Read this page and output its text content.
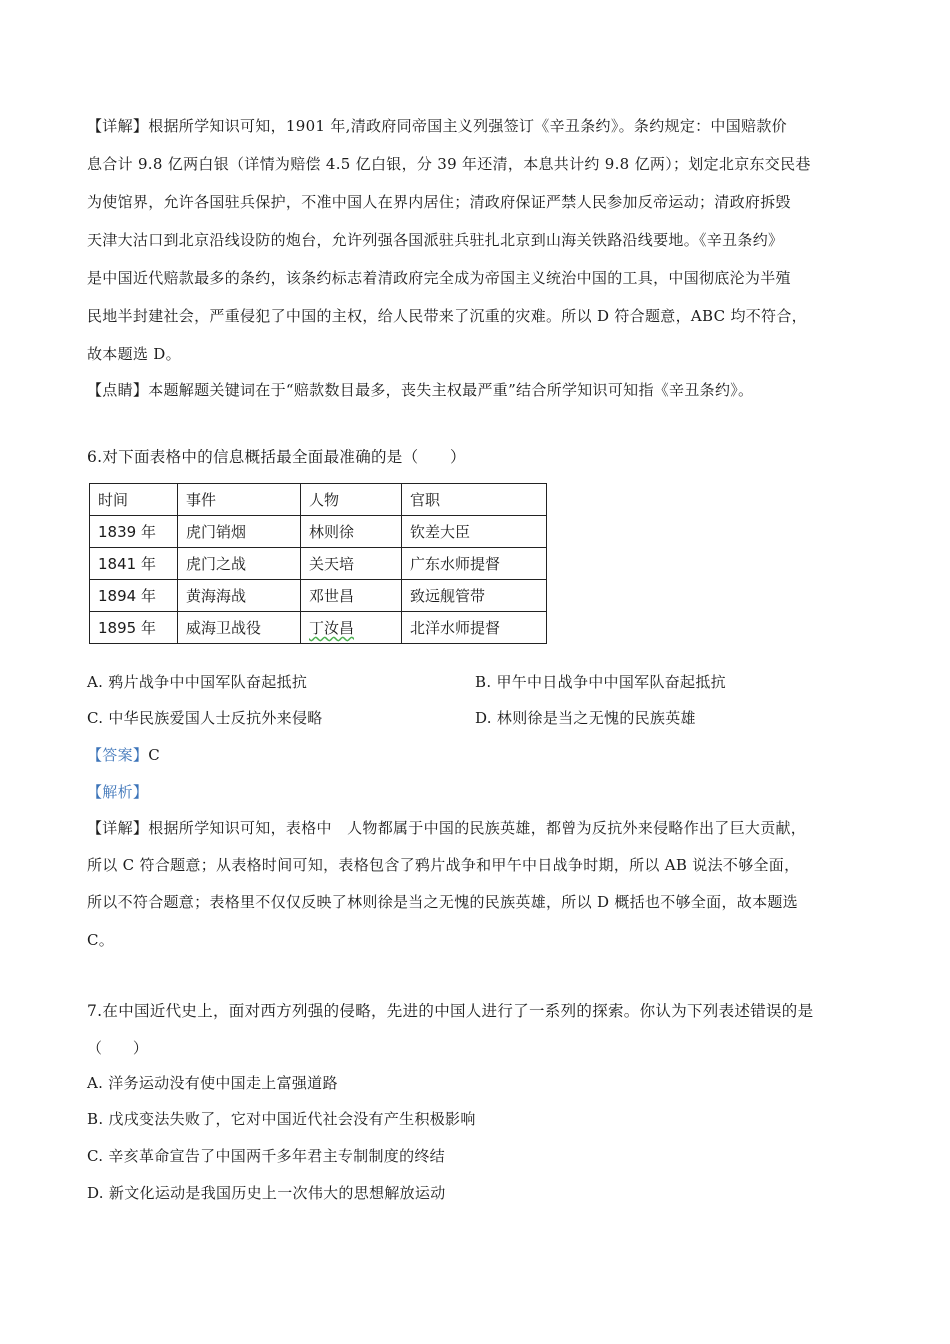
【详解】根据所学知识可知，1901 年,清政府同帝国主义列强签订《辛丑条约》。条约规定：中国赔款价
息合计 9.8 亿两白银（详情为赔偿 4.5 亿白银，分 39 年还清，本息共计约 9.8 亿两）；划定北京东交民巷
为使馆界，允许各国驻兵保护，不准中国人在界内居住；清政府保证严禁人民参加反帝运动；清政府拆毁
天津大沽口到北京沿线设防的炮台，允许列强各国派驻兵驻扎北京到山海关铁路沿线要地。《辛丑条约》
是中国近代赔款最多的条约，该条约标志着清政府完全成为帝国主义统治中国的工具，中国彻底沦为半殖
民地半封建社会，严重侵犯了中国的主权，给人民带来了沉重的灾难。所以 D 符合题意，ABC 均不符合，
故本题选 D。
【点睛】本题解题关键词在于“赔款数目最多，丧失主权最严重”结合所学知识可知指《辛丑条约》。
6.对下面表格中的信息概括最全面最准确的是（　　）
时间	事件	人物	官职
1839 年	虎门销烟	林则徐	钦差大臣
1841 年	虎门之战	关天培	广东水师提督
1894 年	黄海海战	邓世昌	致远舰管带
1895 年	威海卫战役	丁汝昌	北洋水师提督
A. 鸦片战争中中国军队奋起抵抗	B. 甲午中日战争中中国军队奋起抵抗
C. 中华民族爱国人士反抗外来侵略	D. 林则徐是当之无愧的民族英雄
【答案】C
【解析】
【详解】根据所学知识可知，表格中　人物都属于中国的民族英雄，都曾为反抗外来侵略作出了巨大贡献，
所以 C 符合题意；从表格时间可知，表格包含了鸦片战争和甲午中日战争时期，所以 AB 说法不够全面，
所以不符合题意；表格里不仅仅反映了林则徐是当之无愧的民族英雄，所以 D 概括也不够全面，故本题选
C。
7.在中国近代史上，面对西方列强的侵略，先进的中国人进行了一系列的探索。你认为下列表述错误的是
（　　）
A. 洋务运动没有使中国走上富强道路
B. 戊戌变法失败了，它对中国近代社会没有产生积极影响
C. 辛亥革命宣告了中国两千多年君主专制制度的终结
D. 新文化运动是我国历史上一次伟大的思想解放运动
